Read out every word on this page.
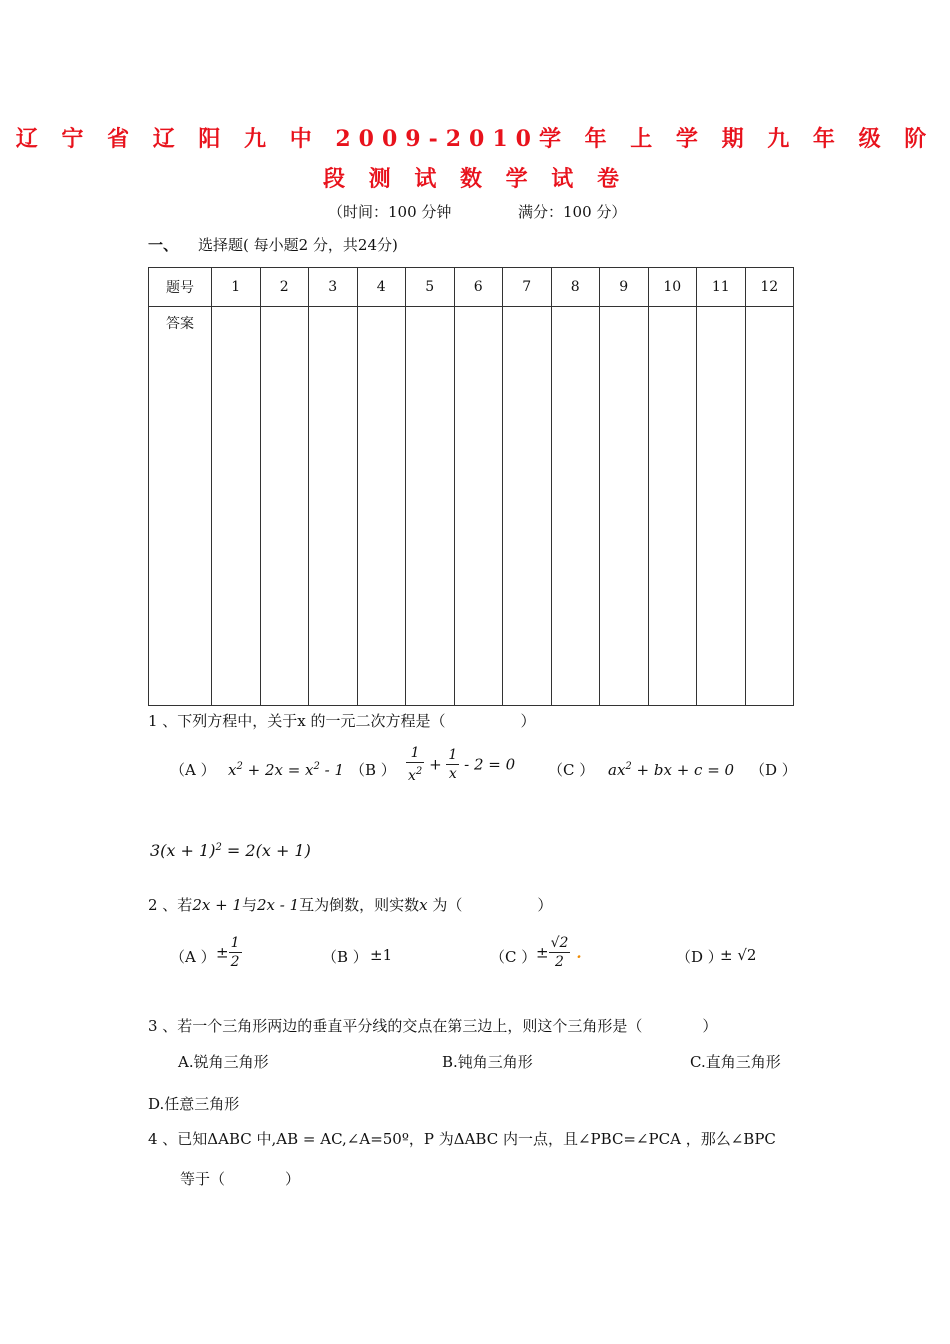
辽 宁 省 辽 阳 九 中 2009-2010学 年 上 学 期 九 年 级 阶
段 测 试 数 学 试 卷
（时间：100 分钟	满分：100 分）
一、 选择题( 每小题2 分，共24分)
题号	1	2	3	4	5	6	7	8	9	10	11	12
答案												
1 、下列方程中，关于x 的一元二次方程是（　　　　　）
（A ） $x^2 + 2x = x^2 - 1$ （B ） $\frac{1}{x^2} + \frac{1}{x} - 2 = 0$ （C ） $ax^2$ + bx + c = 0 （D ）
$3(x + 1)^2 = 2(x + 1)$
2 、若2x + 1与2x - 1互为倒数，则实数x 为（　　　　　）
（A ） ± $\frac{1}{2}$	（B ） ±1	（C ） ± $\frac{√2}{2}$ .	（D ）
± √2
3 、若一个三角形两边的垂直平分线的交点在第三边上，则这个三角形是（　　　　）
A.锐角三角形	B.钝角三角形	C.直角三角形
D.任意三角形
4 、已知ΔABC 中,AB = AC,∠A=50º，P 为ΔABC 内一点，且∠PBC=∠PCA ，那么∠BPC
等于（　　　　）
